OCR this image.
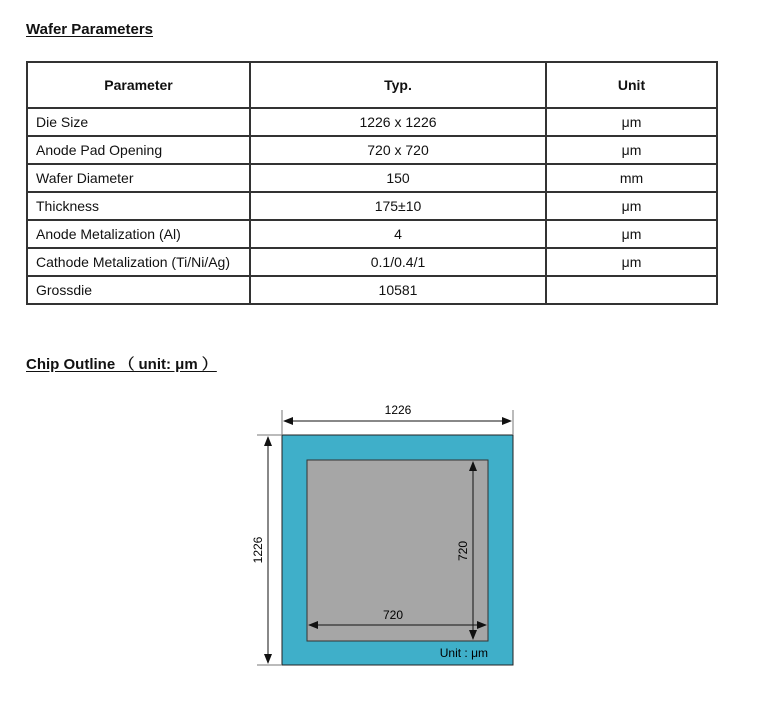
Wafer Parameters
Parameter	Typ.	Unit
Die Size	1226 x 1226	μm
Anode Pad Opening	720 x 720	μm
Wafer Diameter	150	mm
Thickness	175±10	μm
Anode Metalization (Al)	4	μm
Cathode Metalization (Ti/Ni/Ag)	0.1/0.4/1	μm
Grossdie	10581	
Chip Outline （ unit: μm ）
1226
1226
720
720
Unit : μm
